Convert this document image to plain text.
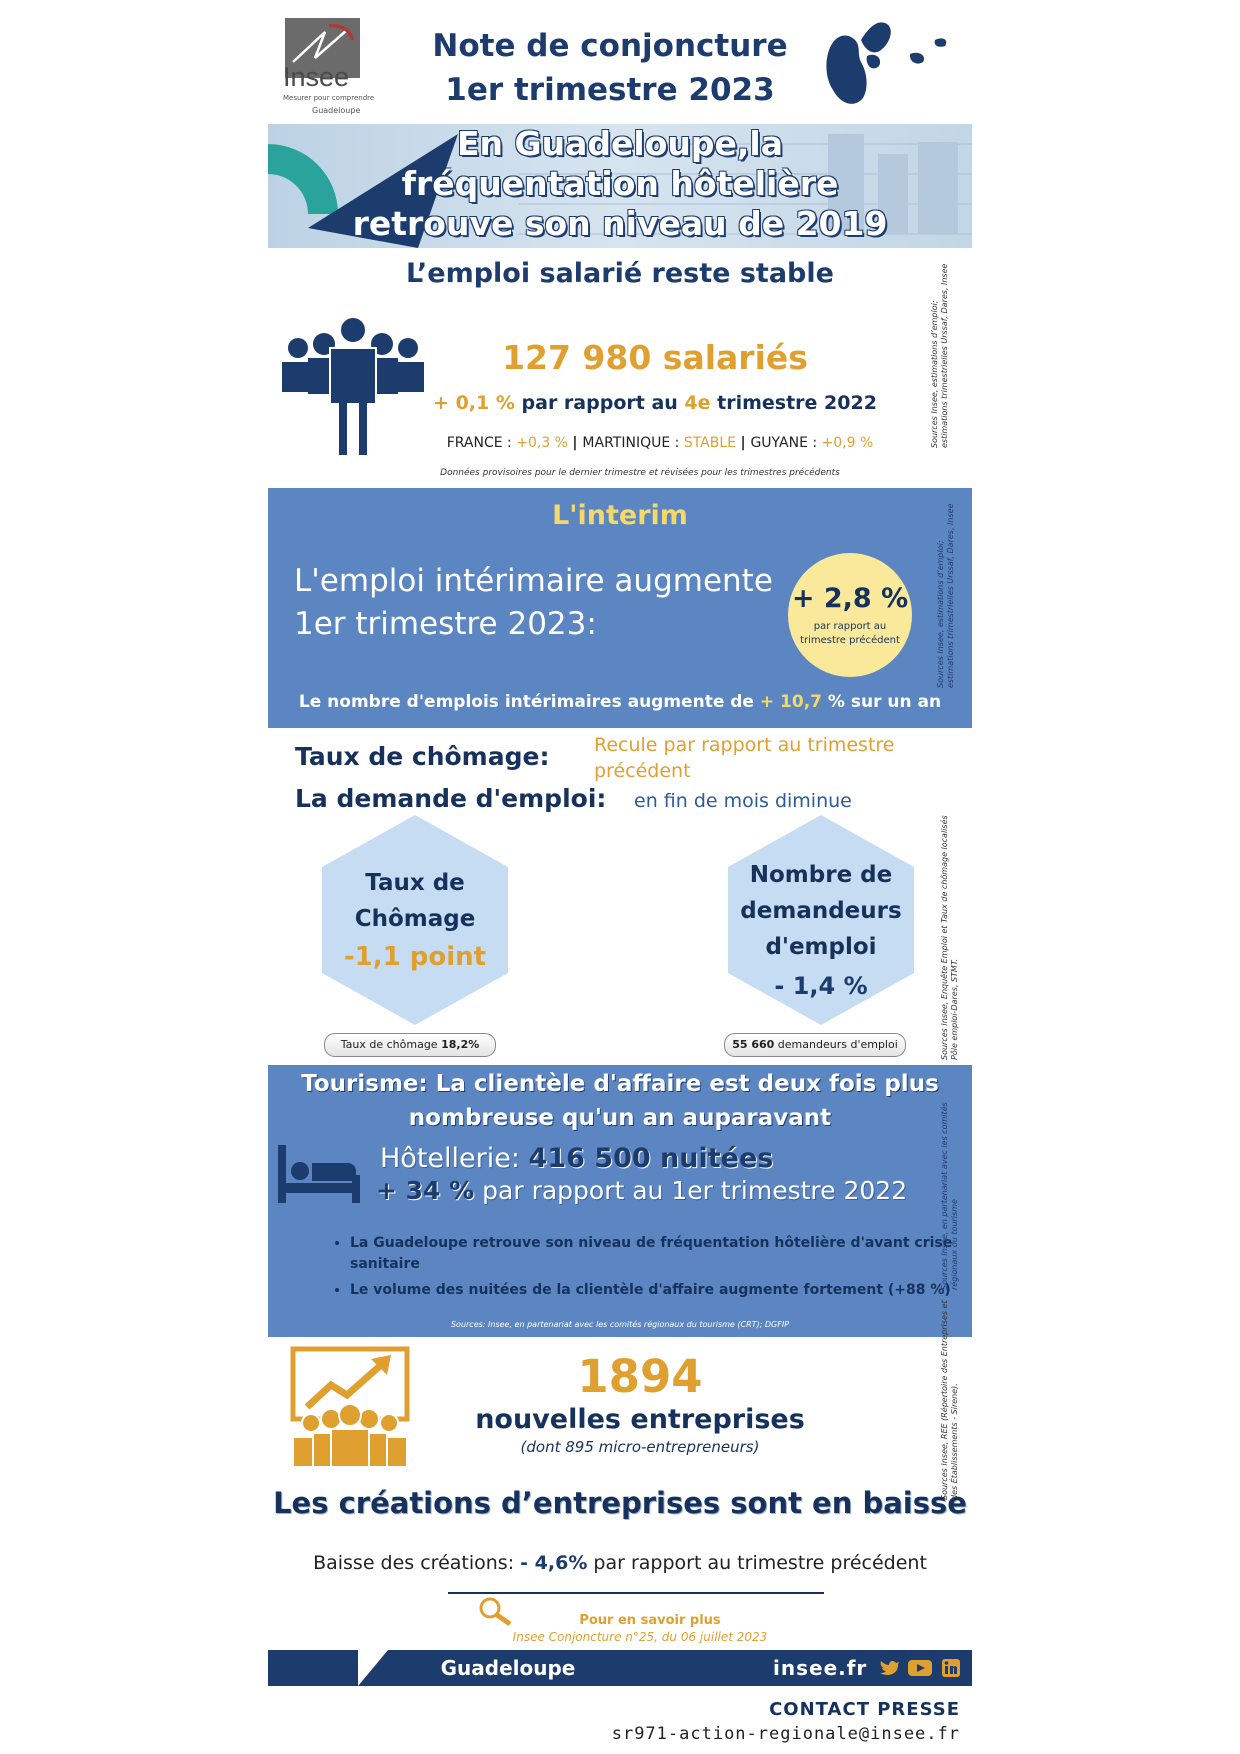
Insee
Mesurer pour comprendre
Guadeloupe
Note de conjoncture
1er trimestre 2023
En Guadeloupe,la
fréquentation hôtelière
retrouve son niveau de 2019
L’emploi salarié reste stable
127 980 salariés
+ 0,1 % par rapport au 4e trimestre 2022
FRANCE : +0,3 % | MARTINIQUE : STABLE | GUYANE : +0,9 %
Données provisoires pour le dernier trimestre et révisées pour les trimestres précédents
Sources Insee, estimations d’emploi;
estimations trimestrielles Urssaf, Dares, Insee
L'interim
L'emploi intérimaire augmente
1er trimestre 2023:
+ 2,8 %
par rapport au
trimestre précédent
Le nombre d'emplois intérimaires augmente de + 10,7 % sur un an
Sources Insee, estimations d’emploi;
estimations trimestrielles Urssaf, Dares, Insee
Taux de chômage: Recule par rapport au trimestre
précédent
La demande d'emploi: en fin de mois diminue
Taux de
Chômage
-1,1 point
Nombre de
demandeurs
d'emploi
- 1,4 %
Taux de chômage 18,2%	55 660 demandeurs d'emploi	Sources Insee, Enquête Emploi et Taux de chômage localisés
Pôle emploi-Dares, STMT.
Tourisme: La clientèle d'affaire est deux fois plus
nombreuse qu'un an auparavant
Hôtellerie: 416 500 nuitées
+ 34 % par rapport au 1er trimestre 2022
• La Guadeloupe retrouve son niveau de fréquentation hôtelière d'avant crise sanitaire
• Le volume des nuitées de la clientèle d'affaire augmente fortement (+88 %)
Sources: Insee, en partenariat avec les comités régionaux du tourisme (CRT); DGFIP
Sources Insee, en partenariat avec les comités
régionaux du tourisme
1894
nouvelles entreprises
(dont 895 micro-entrepreneurs)
Les créations d’entreprises sont en baisse
Baisse des créations: - 4,6% par rapport au trimestre précédent
Sources Insee, REE (Répertoire des Entreprises et
des Établissements - Sirene).
Pour en savoir plus
Insee Conjoncture n°25, du 06 juillet 2023
Guadeloupe	insee.fr
CONTACT PRESSE
sr971-action-regionale@insee.fr
